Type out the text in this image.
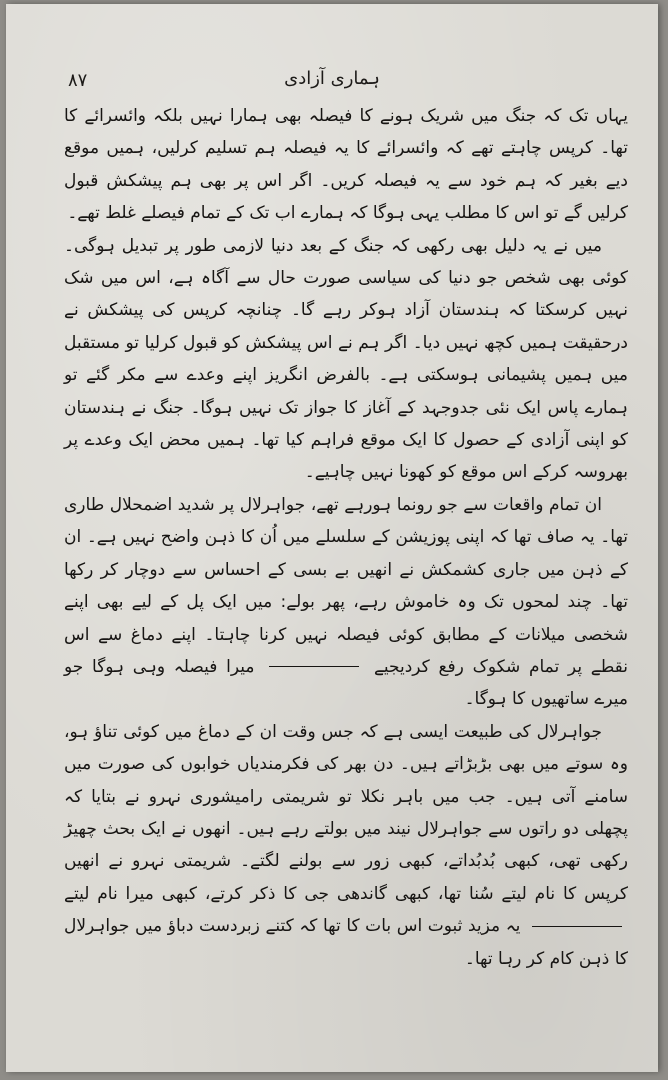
٨٧	ہماری آزادی

یہاں تک کہ جنگ میں شریک ہونے کا فیصلہ بھی ہمارا نہیں بلکہ وائسرائے کا تھا۔ کرپس چاہتے تھے کہ وائسرائے کا یہ فیصلہ ہم تسلیم کرلیں، ہمیں موقع دیے بغیر کہ ہم خود سے یہ فیصلہ کریں۔ اگر اس پر بھی ہم پیشکش قبول کرلیں گے تو اس کا مطلب یہی ہوگا کہ ہمارے اب تک کے تمام فیصلے غلط تھے۔

میں نے یہ دلیل بھی رکھی کہ جنگ کے بعد دنیا لازمی طور پر تبدیل ہوگی۔ کوئی بھی شخص جو دنیا کی سیاسی صورت حال سے آگاہ ہے، اس میں شک نہیں کرسکتا کہ ہندستان آزاد ہوکر رہے گا۔ چنانچہ کرپس کی پیشکش نے درحقیقت ہمیں کچھ نہیں دیا۔ اگر ہم نے اس پیشکش کو قبول کرلیا تو مستقبل میں ہمیں پشیمانی ہوسکتی ہے۔ بالفرض انگریز اپنے وعدے سے مکر گئے تو ہمارے پاس ایک نئی جدوجہد کے آغاز کا جواز تک نہیں ہوگا۔ جنگ نے ہندستان کو اپنی آزادی کے حصول کا ایک موقع فراہم کیا تھا۔ ہمیں محض ایک وعدے پر بھروسہ کرکے اس موقع کو کھونا نہیں چاہیے۔

ان تمام واقعات سے جو رونما ہورہے تھے، جواہرلال پر شدید اضمحلال طاری تھا۔ یہ صاف تھا کہ اپنی پوزیشن کے سلسلے میں اُن کا ذہن واضح نہیں ہے۔ ان کے ذہن میں جاری کشمکش نے انھیں بے بسی کے احساس سے دوچار کر رکھا تھا۔ چند لمحوں تک وہ خاموش رہے، پھر بولے: میں ایک پل کے لیے بھی اپنے شخصی میلانات کے مطابق کوئی فیصلہ نہیں کرنا چاہتا۔ اپنے دماغ سے اس نقطے پر تمام شکوک رفع کردیجیے  میرا فیصلہ وہی ہوگا جو میرے ساتھیوں کا ہوگا۔

جواہرلال کی طبیعت ایسی ہے کہ جس وقت ان کے دماغ میں کوئی تناؤ ہو، وہ سوتے میں بھی بڑبڑاتے ہیں۔ دن بھر کی فکرمندیاں خوابوں کی صورت میں سامنے آتی ہیں۔ جب میں باہر نکلا تو شریمتی رامیشوری نہرو نے بتایا کہ پچھلی دو راتوں سے جواہرلال نیند میں بولتے رہے ہیں۔ انھوں نے ایک بحث چھیڑ رکھی تھی، کبھی بُدبُداتے، کبھی زور سے بولنے لگتے۔ شریمتی نہرو نے انھیں کرپس کا نام لیتے سُنا تھا، کبھی گاندھی جی کا ذکر کرتے، کبھی میرا نام لیتے  یہ مزید ثبوت اس بات کا تھا کہ کتنے زبردست دباؤ میں جواہرلال کا ذہن کام کر رہا تھا۔
